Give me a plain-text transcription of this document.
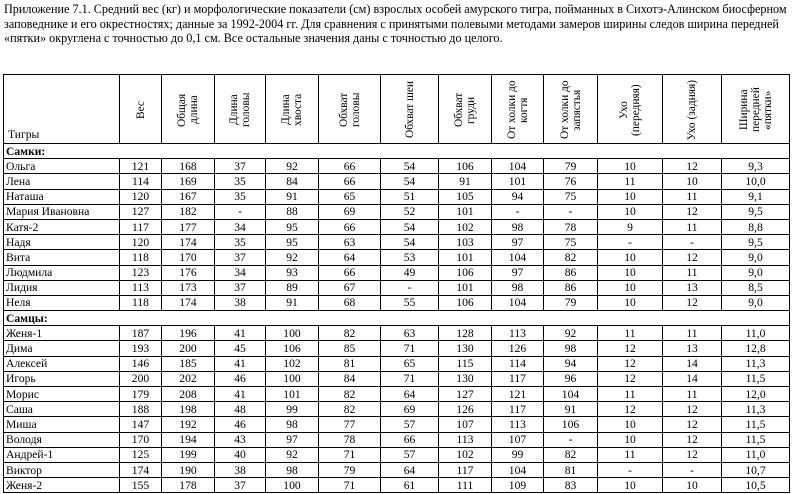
Приложение 7.1. Средний вес (кг) и морфологические показатели (см) взрослых особей амурского тигра, пойманных в Сихотэ-Алинском биосферном заповеднике и его окрестностях; данные за 1992-2004 гг. Для сравнения с принятыми полевыми методами замеров ширины следов ширина передней «пятки» округлена с точностью до 0,1 см. Все остальные значения даны с точностью до целого.
Тигры	Вес	Общая длина	Длина головы	Длина хвоста	Обхват головы	Обхват шеи	Обхват груди	От холки до когтя	От холки до запястья	Ухо (передняя)	Ухо (задняя)	Ширина передней «пятки»

Самки:												
Ольга	121	168	37	92	66	54	106	104	79	10	12	9,3
Лена	114	169	35	84	66	54	91	101	76	11	10	10,0
Наташа	120	167	35	91	65	51	105	94	75	10	11	9,1
Мария Ивановна	127	182	-	88	69	52	101	-	-	10	12	9,5
Катя-2	117	177	34	95	66	54	102	98	78	9	11	8,8
Надя	120	174	35	95	63	54	103	97	75	-	-	9,5
Вита	118	170	37	92	64	53	101	104	82	10	12	9,0
Людмила	123	176	34	93	66	49	106	97	86	10	11	9,0
Лидия	113	173	37	89	67	-	101	98	86	10	13	8,5
Неля	118	174	38	91	68	55	106	104	79	10	12	9,0
Самцы:												
Женя-1	187	196	41	100	82	63	128	113	92	11	11	11,0
Дима	193	200	45	106	85	71	130	126	98	12	13	12,8
Алексей	146	185	41	102	81	65	115	114	94	12	14	11,3
Игорь	200	202	46	100	84	71	130	117	96	12	14	11,5
Морис	179	208	41	101	82	64	127	121	104	11	11	12,0
Саша	188	198	48	99	82	69	126	117	91	12	12	11,3
Миша	147	192	46	98	77	57	107	113	106	10	12	11,5
Володя	170	194	43	97	78	66	113	107	-	10	12	11,5
Андрей-1	125	199	40	92	71	57	102	99	82	11	12	11,0
Виктор	174	190	38	98	79	64	117	104	81	-	-	10,7
Женя-2	155	178	37	100	71	61	111	109	83	10	10	10,5
